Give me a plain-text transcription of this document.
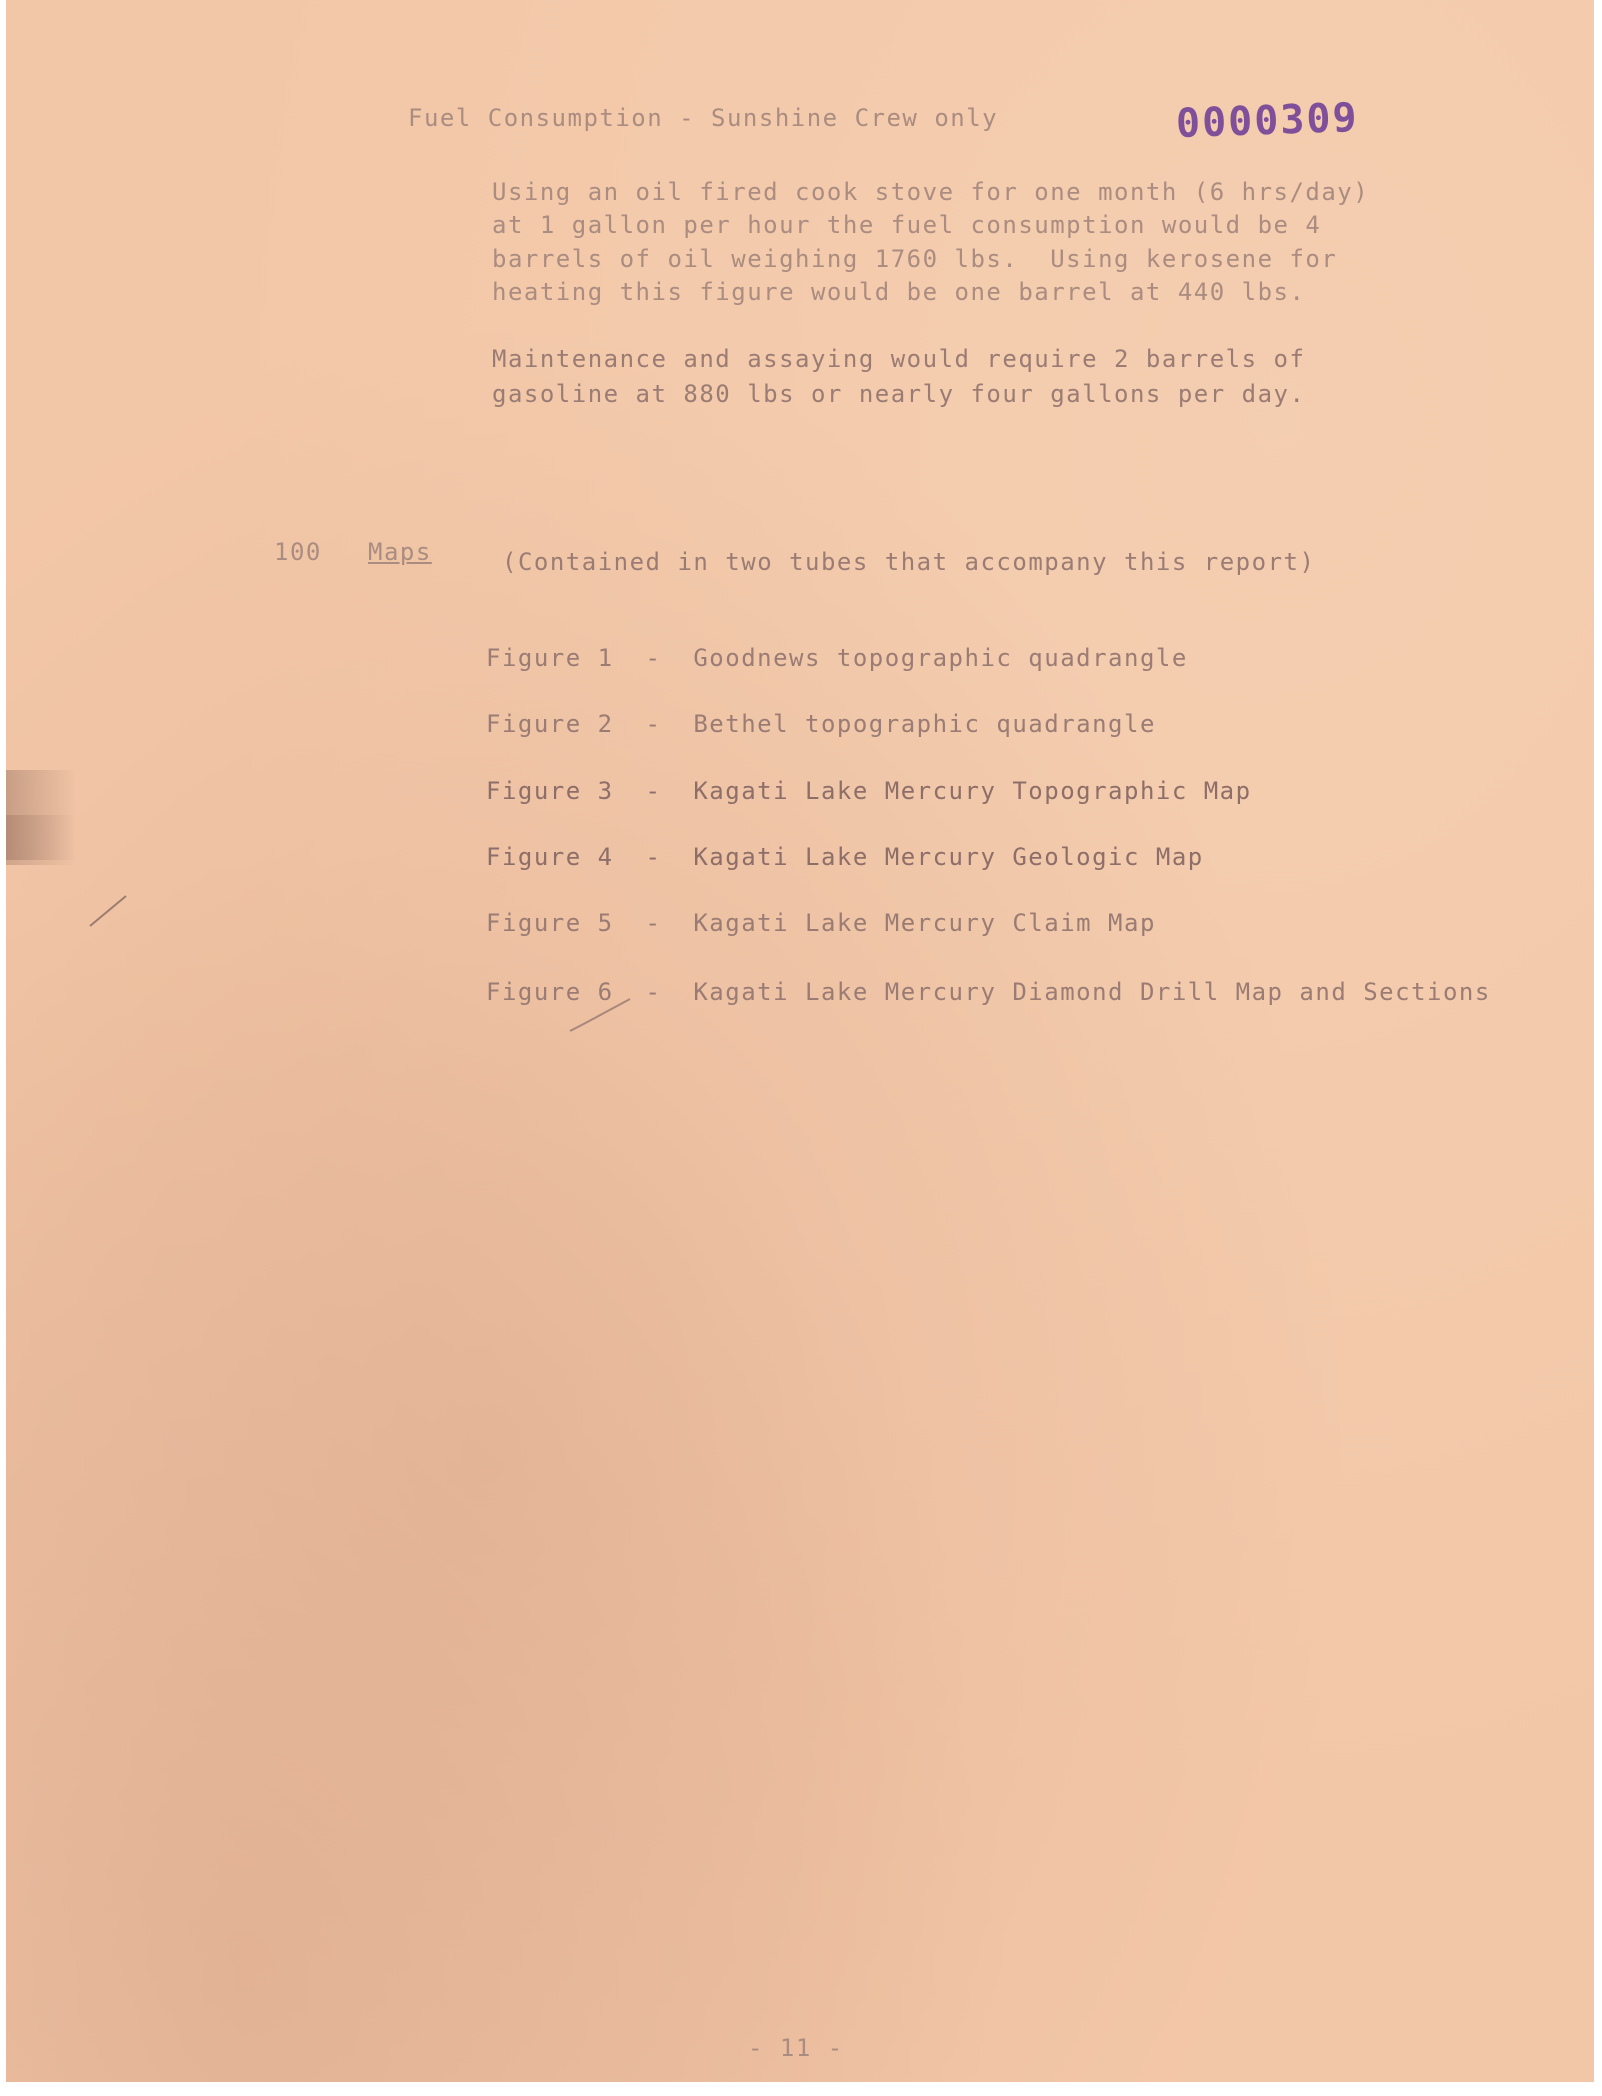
Fuel Consumption - Sunshine Crew only	0000309
Using an oil fired cook stove for one month (6 hrs/day)
at 1 gallon per hour the fuel consumption would be 4
barrels of oil weighing 1760 lbs.  Using kerosene for
heating this figure would be one barrel at 440 lbs.
Maintenance and assaying would require 2 barrels of
gasoline at 880 lbs or nearly four gallons per day.
100 Maps	(Contained in two tubes that accompany this report)
Figure 1 - Goodnews topographic quadrangle
Figure 2 - Bethel topographic quadrangle
Figure 3 - Kagati Lake Mercury Topographic Map
Figure 4 - Kagati Lake Mercury Geologic Map
Figure 5 - Kagati Lake Mercury Claim Map
Figure 6 - Kagati Lake Mercury Diamond Drill Map and Sections
- 11 -
